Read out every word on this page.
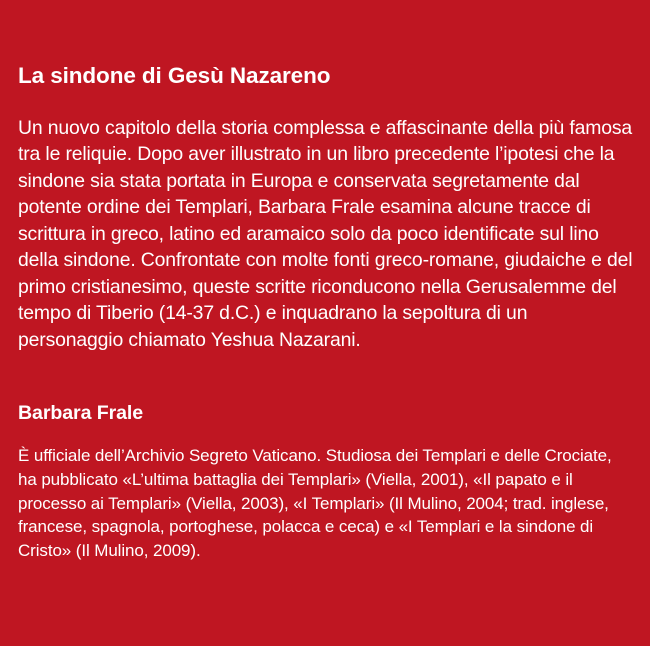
La sindone di Gesù Nazareno

Un nuovo capitolo della storia complessa e affascinante della più famosa tra le reliquie. Dopo aver illustrato in un libro precedente l’ipotesi che la sindone sia stata portata in Europa e conservata segretamente dal potente ordine dei Templari, Barbara Frale esamina alcune tracce di scrittura in greco, latino ed aramaico solo da poco identificate sul lino della sindone. Confrontate con molte fonti greco-romane, giudaiche e del primo cristianesimo, queste scritte riconducono nella Gerusalemme del tempo di Tiberio (14-37 d.C.) e inquadrano la sepoltura di un personaggio chiamato Yeshua Nazarani.

Barbara Frale

È ufficiale dell’Archivio Segreto Vaticano. Studiosa dei Templari e delle Crociate, ha pubblicato «L’ultima battaglia dei Templari» (Viella, 2001), «Il papato e il processo ai Templari» (Viella, 2003), «I Templari» (Il Mulino, 2004; trad. inglese, francese, spagnola, portoghese, polacca e ceca) e «I Templari e la sindone di Cristo» (Il Mulino, 2009).
